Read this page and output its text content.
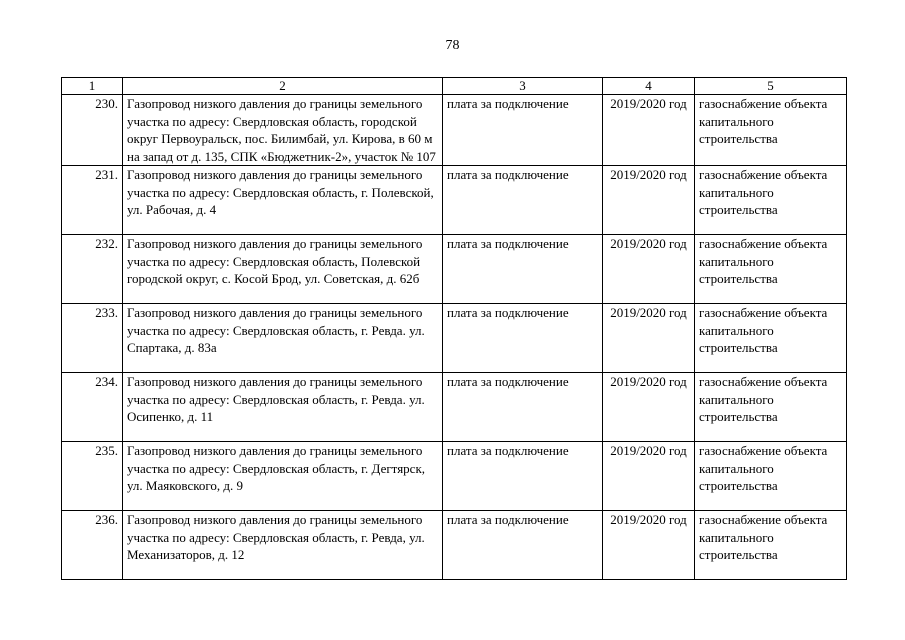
78
1	2	3	4	5
230.	Газопровод низкого давления до границы земельного участка по адресу: Свердловская область, городской округ Первоуральск, пос. Билимбай, ул. Кирова, в 60 м на запад от д. 135, СПК «Бюджетник-2», участок № 107	плата за подключение	2019/2020 год	газоснабжение объекта капитального строительства
231.	Газопровод низкого давления до границы земельного участка по адресу: Свердловская область, г. Полевской, ул. Рабочая, д. 4	плата за подключение	2019/2020 год	газоснабжение объекта капитального строительства
232.	Газопровод низкого давления до границы земельного участка по адресу: Свердловская область, Полевской городской округ, с. Косой Брод, ул. Советская, д. 62б	плата за подключение	2019/2020 год	газоснабжение объекта капитального строительства
233.	Газопровод низкого давления до границы земельного участка по адресу: Свердловская область, г. Ревда. ул. Спартака, д. 83а	плата за подключение	2019/2020 год	газоснабжение объекта капитального строительства
234.	Газопровод низкого давления до границы земельного участка по адресу: Свердловская область, г. Ревда. ул. Осипенко, д. 11	плата за подключение	2019/2020 год	газоснабжение объекта капитального строительства
235.	Газопровод низкого давления до границы земельного участка по адресу: Свердловская область, г. Дегтярск, ул. Маяковского, д. 9	плата за подключение	2019/2020 год	газоснабжение объекта капитального строительства
236.	Газопровод низкого давления до границы земельного участка по адресу: Свердловская область, г. Ревда, ул. Механизаторов, д. 12	плата за подключение	2019/2020 год	газоснабжение объекта капитального строительства
